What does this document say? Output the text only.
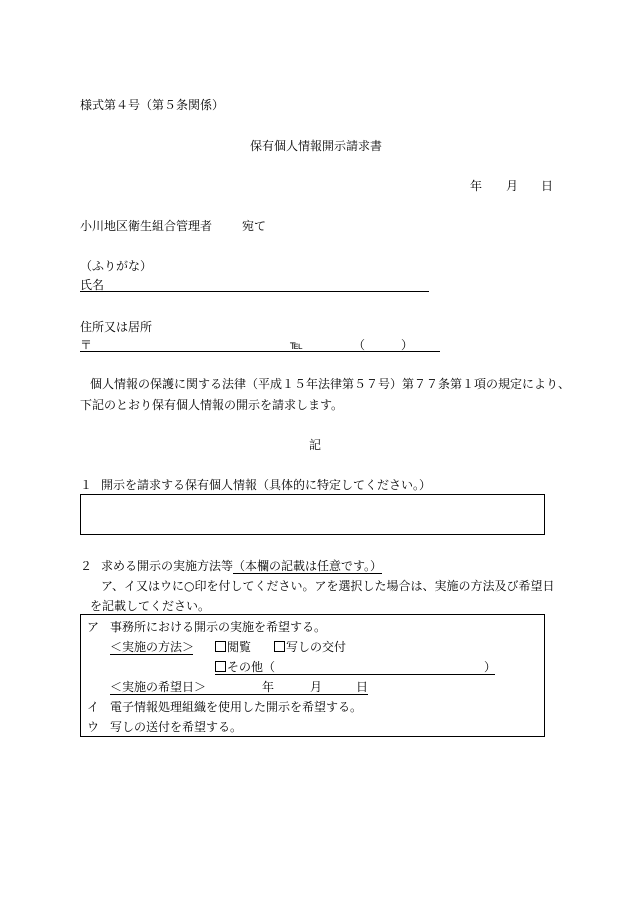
様式第４号（第５条関係）
保有個人情報開示請求書
年 月 日
小川地区衛生組合管理者 宛て
（ふりがな）
氏名
住所又は居所
〒	℡	（　　　）
個人情報の保護に関する法律（平成１５年法律第５７号）第７７条第１項の規定により、
下記のとおり保有個人情報の開示を請求します。
記
１ 開示を請求する保有個人情報（具体的に特定してください。）
２ 求める開示の実施方法等（本欄の記載は任意です。）
ア、イ又はウに○印を付してください。アを選択した場合は、実施の方法及び希望日
を記載してください。
ア 事務所における開示の実施を希望する。
＜実施の方法＞	閲覧	写しの交付
その他（	）
＜実施の希望日＞	年	月	日
イ 電子情報処理組織を使用した開示を希望する。
ウ 写しの送付を希望する。
